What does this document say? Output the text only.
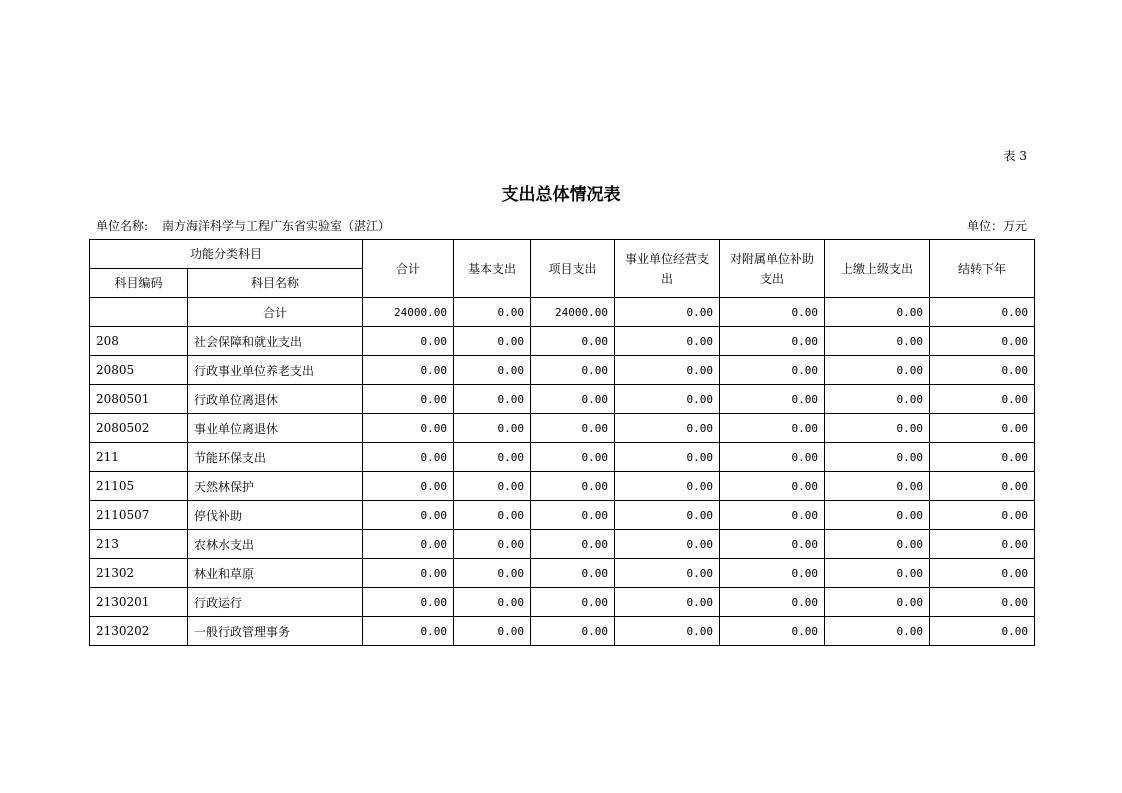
表 3
支出总体情况表
单位名称: 南方海洋科学与工程广东省实验室（湛江）	单位：万元
功能分类科目		合计	基本支出	项目支出	事业单位经营支出	对附属单位补助支出	上缴上级支出	结转下年
科目编码	科目名称							
	合计	24000.00	0.00	24000.00	0.00	0.00	0.00	0.00
208	社会保障和就业支出	0.00	0.00	0.00	0.00	0.00	0.00	0.00
20805	行政事业单位养老支出	0.00	0.00	0.00	0.00	0.00	0.00	0.00
2080501	行政单位离退休	0.00	0.00	0.00	0.00	0.00	0.00	0.00
2080502	事业单位离退休	0.00	0.00	0.00	0.00	0.00	0.00	0.00
211	节能环保支出	0.00	0.00	0.00	0.00	0.00	0.00	0.00
21105	天然林保护	0.00	0.00	0.00	0.00	0.00	0.00	0.00
2110507	停伐补助	0.00	0.00	0.00	0.00	0.00	0.00	0.00
213	农林水支出	0.00	0.00	0.00	0.00	0.00	0.00	0.00
21302	林业和草原	0.00	0.00	0.00	0.00	0.00	0.00	0.00
2130201	行政运行	0.00	0.00	0.00	0.00	0.00	0.00	0.00
2130202	一般行政管理事务	0.00	0.00	0.00	0.00	0.00	0.00	0.00
